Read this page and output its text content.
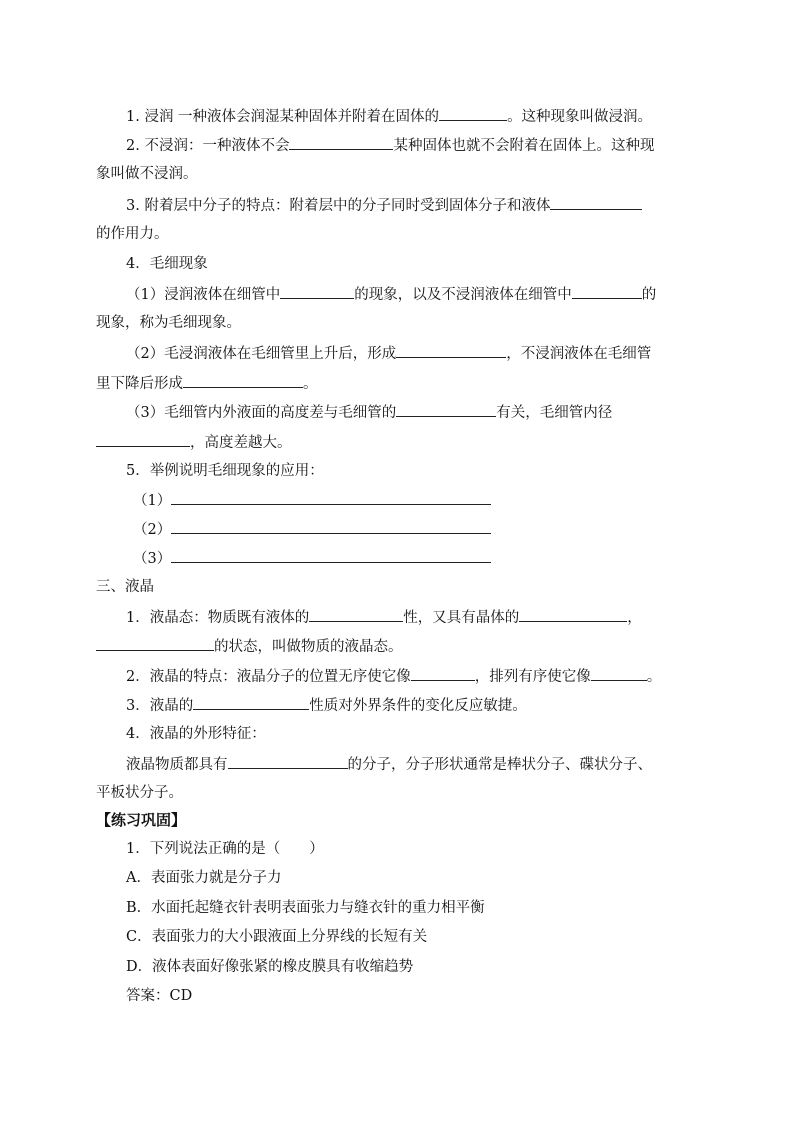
1. 浸润 一种液体会润湿某种固体并附着在固体的	。这种现象叫做浸润。
2. 不浸润：一种液体不会	某种固体也就不会附着在固体上。这种现
象叫做不浸润。
3. 附着层中分子的特点：附着层中的分子同时受到固体分子和液体
的作用力。
4．毛细现象
（1）浸润液体在细管中	的现象，以及不浸润液体在细管中	的
现象，称为毛细现象。
（2）毛浸润液体在毛细管里上升后，形成	，不浸润液体在毛细管
里下降后形成	。
（3）毛细管内外液面的高度差与毛细管的	有关，毛细管内径
，高度差越大。
5．举例说明毛细现象的应用：
（1）
（2）
（3）
三、液晶
1．液晶态：物质既有液体的	性，又具有晶体的	，
的状态，叫做物质的液晶态。
2．液晶的特点：液晶分子的位置无序使它像	，排列有序使它像	。
3．液晶的	性质对外界条件的变化反应敏捷。
4．液晶的外形特征：
液晶物质都具有	的分子，分子形状通常是棒状分子、碟状分子、
平板状分子。
【练习巩固】
1．下列说法正确的是（　　）
A．表面张力就是分子力
B．水面托起缝衣针表明表面张力与缝衣针的重力相平衡
C．表面张力的大小跟液面上分界线的长短有关
D．液体表面好像张紧的橡皮膜具有收缩趋势
答案：CD
